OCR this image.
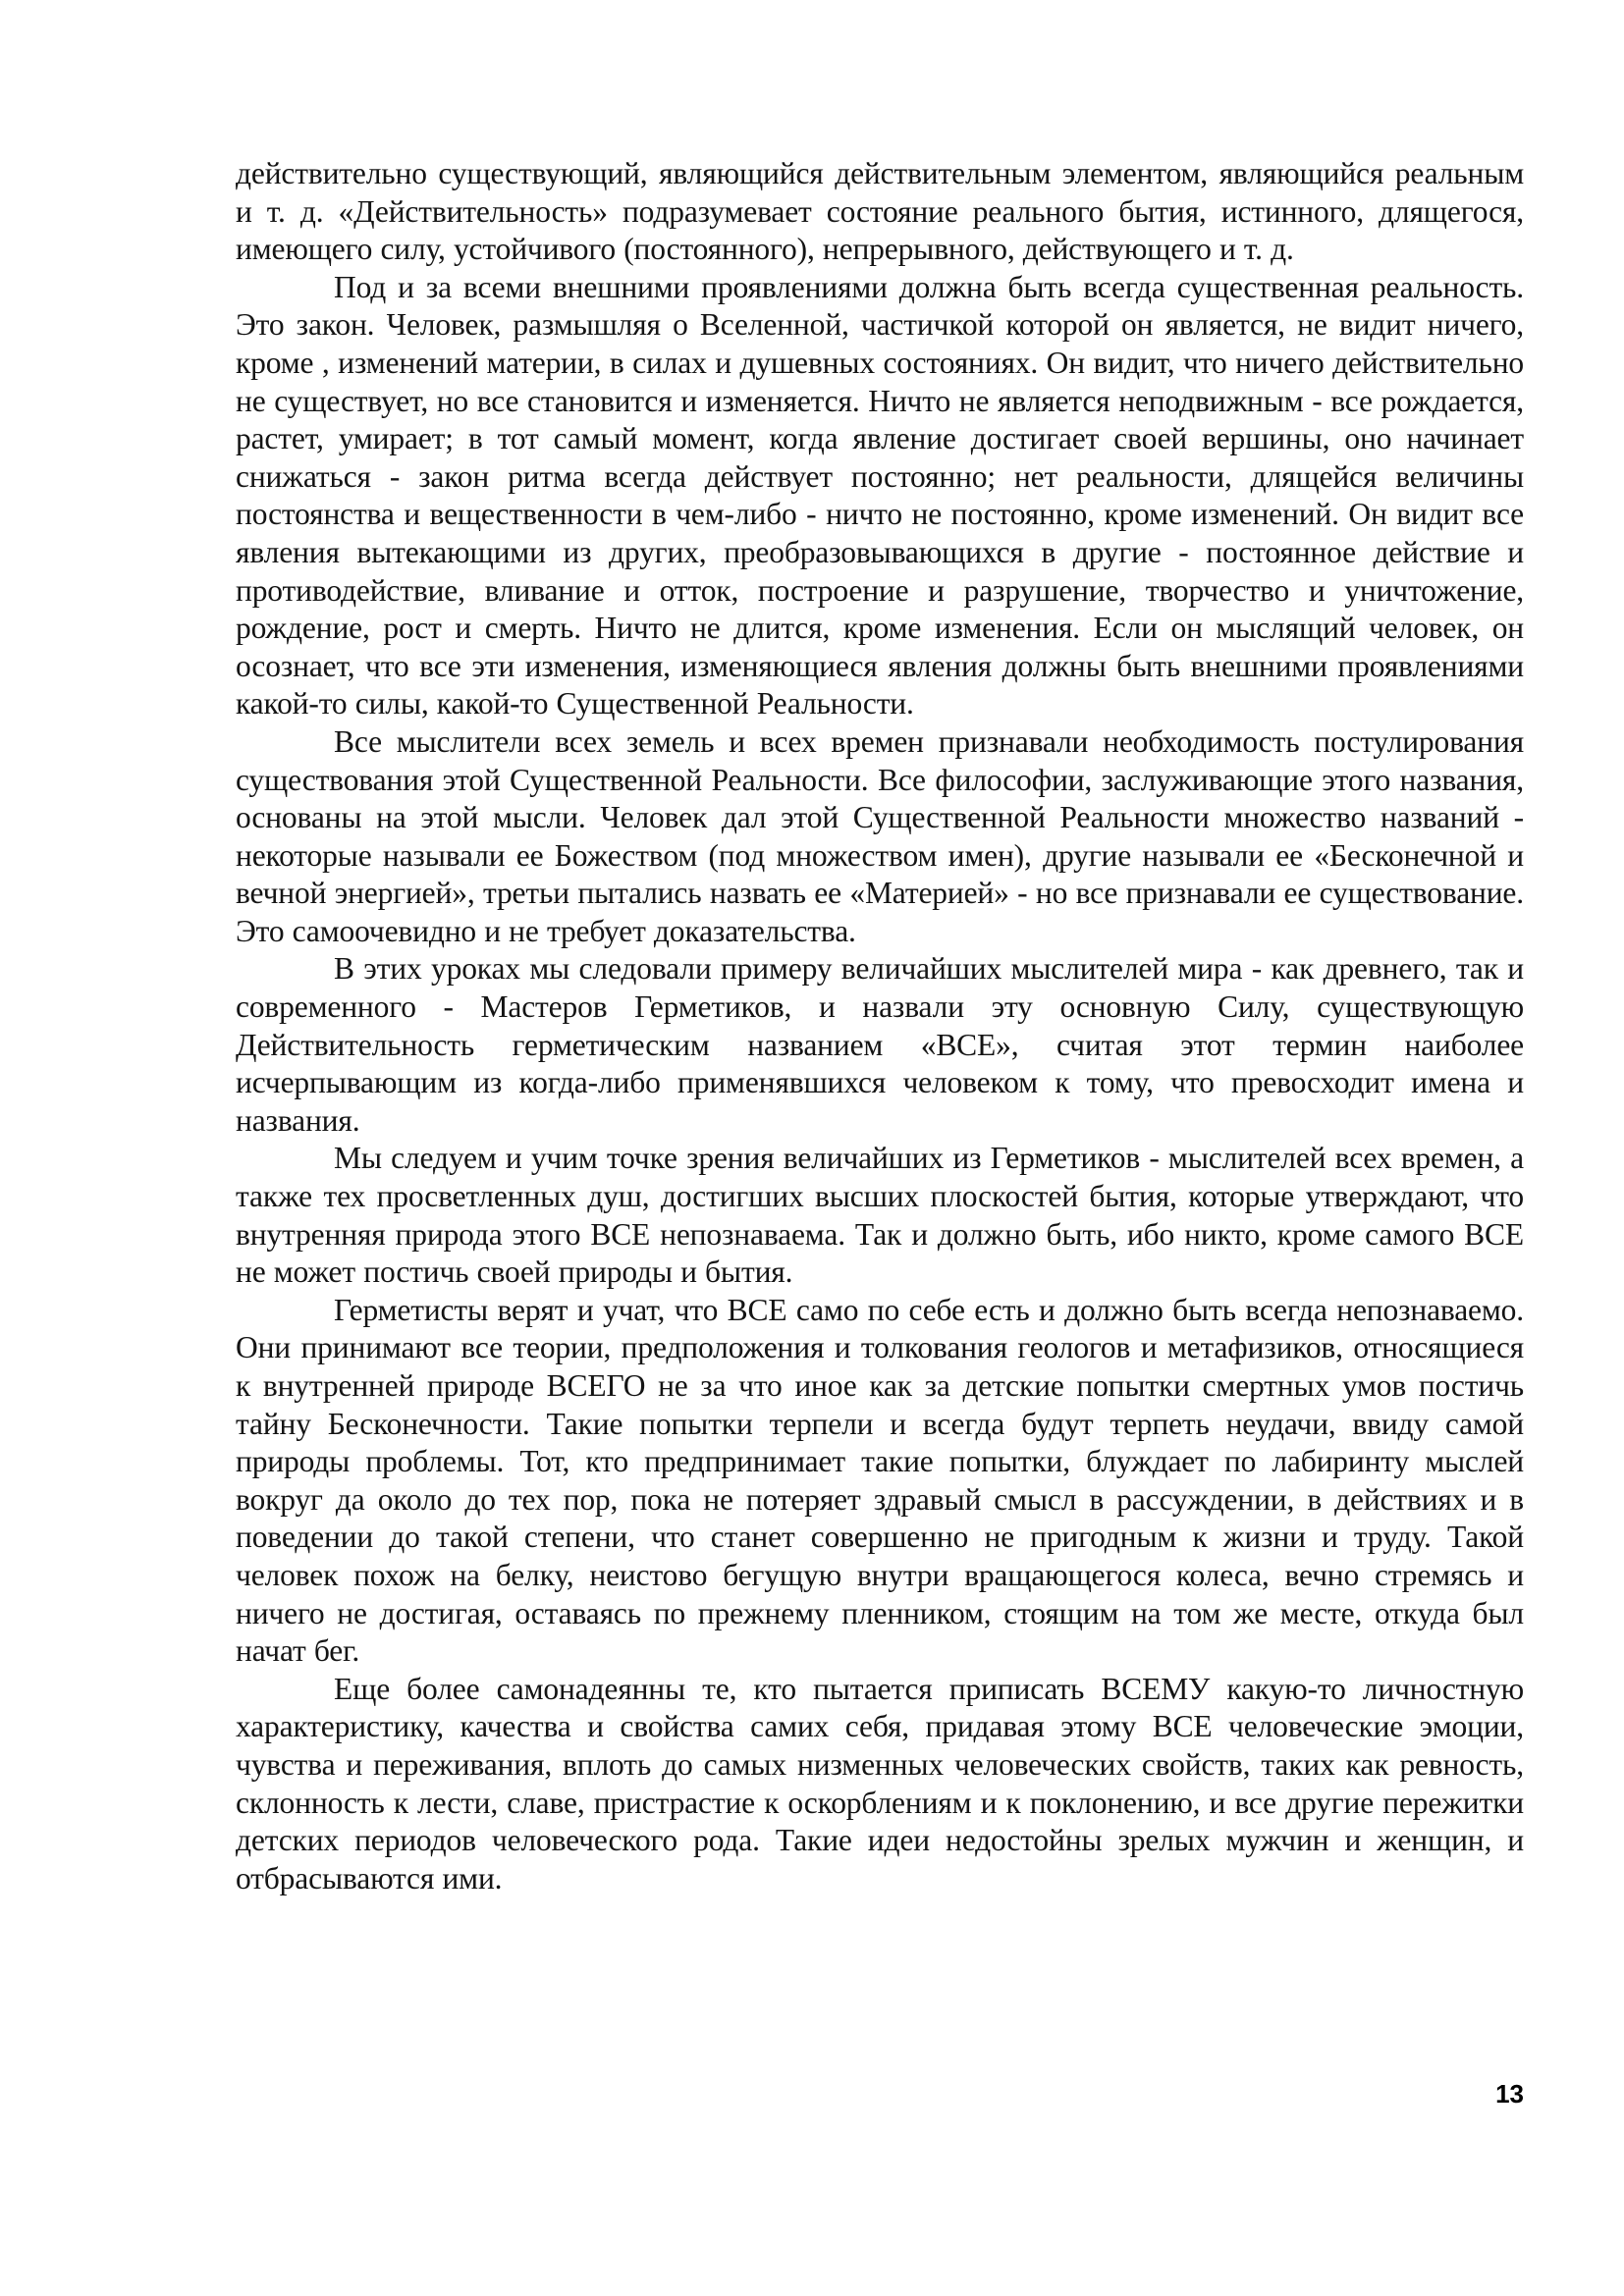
действительно существующий, являющийся действительным элементом, являющийся реальным и т. д. «Действительность» подразумевает состояние реального бытия, истинного, длящегося, имеющего силу, устойчивого (постоянного), непрерывного, действующего и т. д.

Под и за всеми внешними проявлениями должна быть всегда существенная реальность. Это закон. Человек, размышляя о Вселенной, частичкой которой он является, не видит ничего, кроме , изменений материи, в силах и душевных состояниях. Он видит, что ничего действительно не существует, но все становится и изменяется. Ничто не является неподвижным - все рождается, растет, умирает; в тот самый момент, когда явление достигает своей вершины, оно начинает снижаться - закон ритма всегда действует постоянно; нет реальности, длящейся величины постоянства и вещественности в чем-либо - ничто не постоянно, кроме изменений. Он видит все явления вытекающими из других, преобразовывающихся в другие - постоянное действие и противодействие, вливание и отток, построение и разрушение, творчество и уничтожение, рождение, рост и смерть. Ничто не длится, кроме изменения. Если он мыслящий человек, он осознает, что все эти изменения, изменяющиеся явления должны быть внешними проявлениями какой-то силы, какой-то Существенной Реальности.

Все мыслители всех земель и всех времен признавали необходимость постулирования существования этой Существенной Реальности. Все философии, заслуживающие этого названия, основаны на этой мысли. Человек дал этой Существенной Реальности множество названий - некоторые называли ее Божеством (под множеством имен), другие называли ее «Бесконечной и вечной энергией», третьи пытались назвать ее «Материей» - но все признавали ее существование. Это самоочевидно и не требует доказательства.

В этих уроках мы следовали примеру величайших мыслителей мира - как древнего, так и современного - Мастеров Герметиков, и назвали эту основную Силу, существующую Действительность герметическим названием «ВСЕ», считая этот термин наиболее исчерпывающим из когда-либо применявшихся человеком к тому, что превосходит имена и названия.

Мы следуем и учим точке зрения величайших из Герметиков - мыслителей всех времен, а также тех просветленных душ, достигших высших плоскостей бытия, которые утверждают, что внутренняя природа этого ВСЕ непознаваема. Так и должно быть, ибо никто, кроме самого ВСЕ не может постичь своей природы и бытия.

Герметисты верят и учат, что ВСЕ само по себе есть и должно быть всегда непознаваемо. Они принимают все теории, предположения и толкования геологов и метафизиков, относящиеся к внутренней природе ВСЕГО не за что иное как за детские попытки смертных умов постичь тайну Бесконечности. Такие попытки терпели и всегда будут терпеть неудачи, ввиду самой природы проблемы. Тот, кто предпринимает такие попытки, блуждает по лабиринту мыслей вокруг да около до тех пор, пока не потеряет здравый смысл в рассуждении, в действиях и в поведении до такой степени, что станет совершенно не пригодным к жизни и труду. Такой человек похож на белку, неистово бегущую внутри вращающегося колеса, вечно стремясь и ничего не достигая, оставаясь по прежнему пленником, стоящим на том же месте, откуда был начат бег.

Еще более самонадеянны те, кто пытается приписать ВСЕМУ какую-то личностную характеристику, качества и свойства самих себя, придавая этому ВСЕ человеческие эмоции, чувства и переживания, вплоть до самых низменных человеческих свойств, таких как ревность, склонность к лести, славе, пристрастие к оскорблениям и к поклонению, и все другие пережитки детских периодов человеческого рода. Такие идеи недостойны зрелых мужчин и женщин, и отбрасываются ими.

13
